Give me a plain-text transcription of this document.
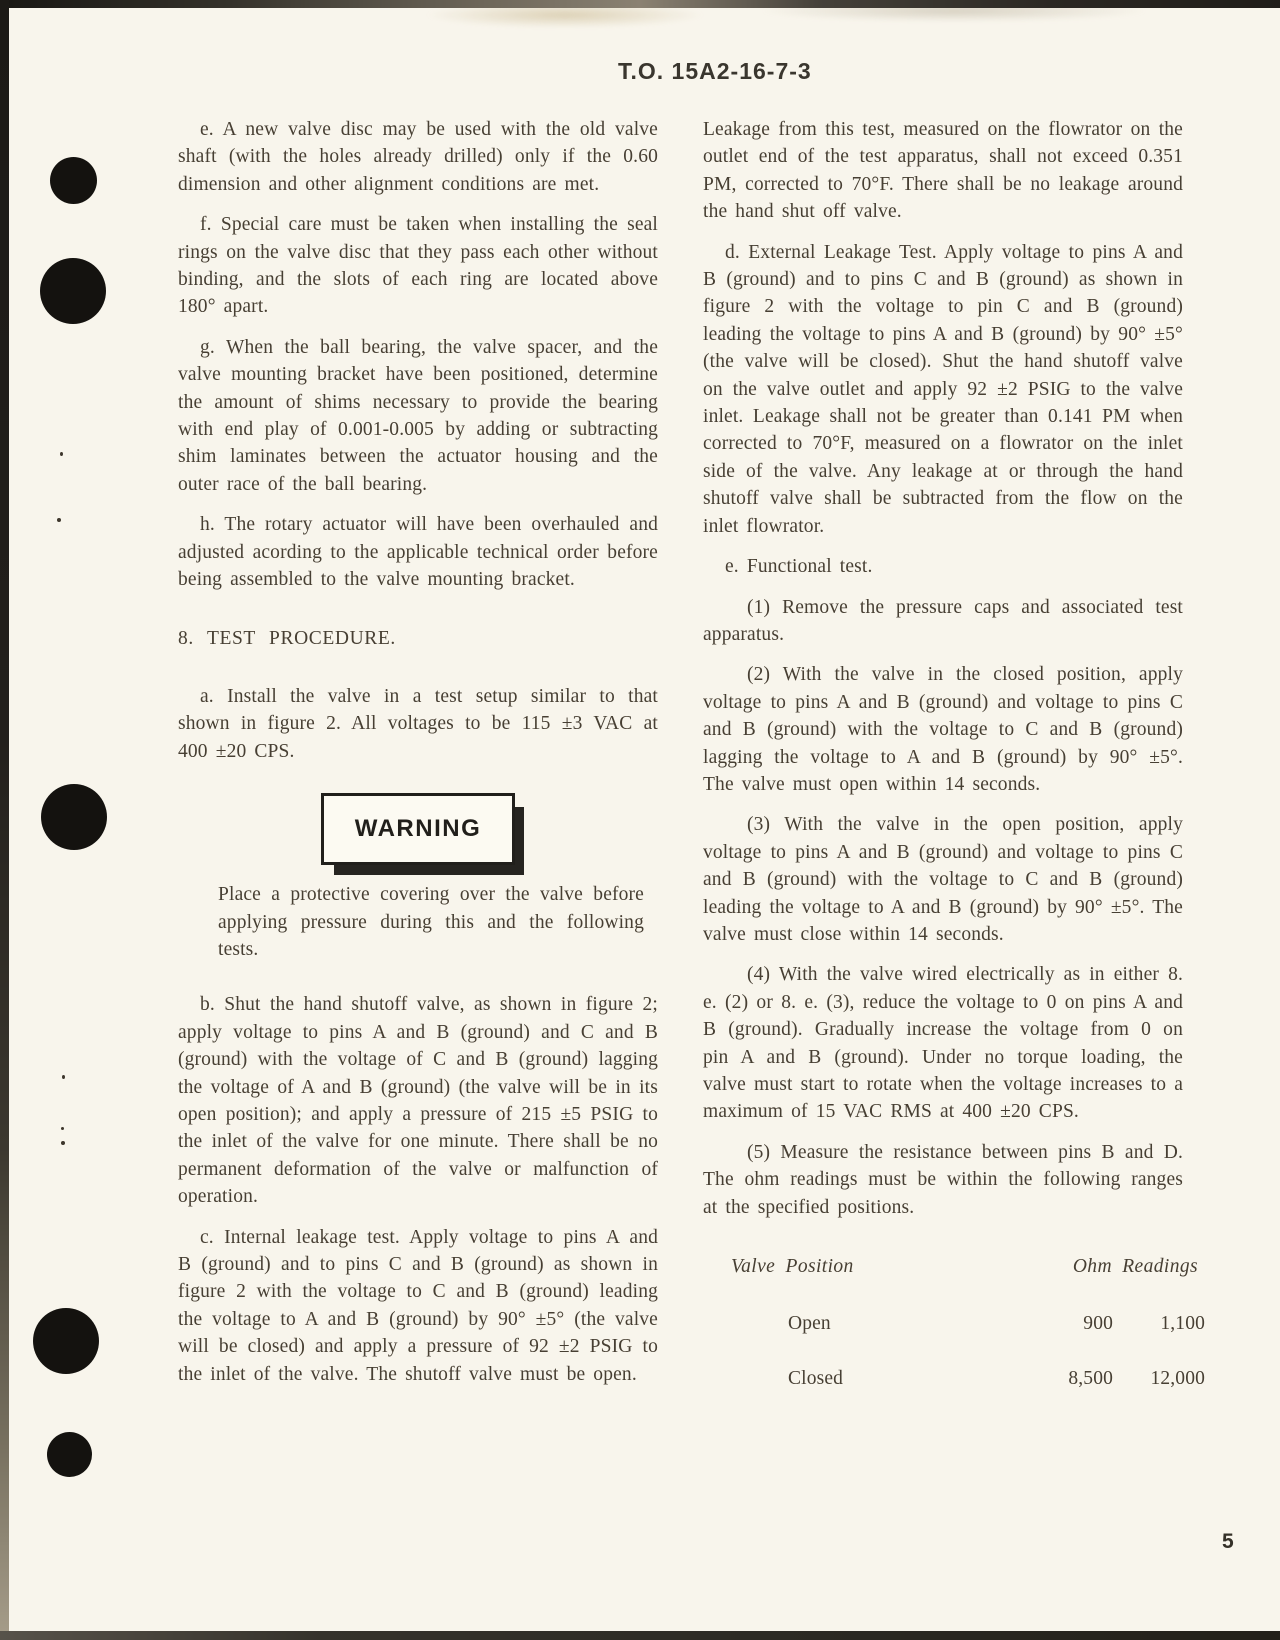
T.O. 15A2-16-7-3

e. A new valve disc may be used with the old valve shaft (with the holes already drilled) only if the 0.60 dimension and other alignment conditions are met.

f. Special care must be taken when installing the seal rings on the valve disc that they pass each other without binding, and the slots of each ring are located above 180° apart.

g. When the ball bearing, the valve spacer, and the valve mounting bracket have been positioned, determine the amount of shims necessary to provide the bearing with end play of 0.001-0.005 by adding or subtracting shim laminates between the actuator housing and the outer race of the ball bearing.

h. The rotary actuator will have been overhauled and adjusted acording to the applicable technical order before being assembled to the valve mounting bracket.

8. TEST PROCEDURE.

a. Install the valve in a test setup similar to that shown in figure 2. All voltages to be 115 ±3 VAC at 400 ±20 CPS.

WARNING

Place a protective covering over the valve before applying pressure during this and the following tests.

b. Shut the hand shutoff valve, as shown in figure 2; apply voltage to pins A and B (ground) and C and B (ground) with the voltage of C and B (ground) lagging the voltage of A and B (ground) (the valve will be in its open position); and apply a pressure of 215 ±5 PSIG to the inlet of the valve for one minute. There shall be no permanent deformation of the valve or malfunction of operation.

c. Internal leakage test. Apply voltage to pins A and B (ground) and to pins C and B (ground) as shown in figure 2 with the voltage to C and B (ground) leading the voltage to A and B (ground) by 90° ±5° (the valve will be closed) and apply a pressure of 92 ±2 PSIG to the inlet of the valve. The shutoff valve must be open.

Leakage from this test, measured on the flowrator on the outlet end of the test apparatus, shall not exceed 0.351 PM, corrected to 70°F. There shall be no leakage around the hand shut off valve.

d. External Leakage Test. Apply voltage to pins A and B (ground) and to pins C and B (ground) as shown in figure 2 with the voltage to pin C and B (ground) leading the voltage to pins A and B (ground) by 90° ±5° (the valve will be closed). Shut the hand shutoff valve on the valve outlet and apply 92 ±2 PSIG to the valve inlet. Leakage shall not be greater than 0.141 PM when corrected to 70°F, measured on a flowrator on the inlet side of the valve. Any leakage at or through the hand shutoff valve shall be subtracted from the flow on the inlet flowrator.

e. Functional test.

(1) Remove the pressure caps and associated test apparatus.

(2) With the valve in the closed position, apply voltage to pins A and B (ground) and voltage to pins C and B (ground) with the voltage to C and B (ground) lagging the voltage to A and B (ground) by 90° ±5°. The valve must open within 14 seconds.

(3) With the valve in the open position, apply voltage to pins A and B (ground) and voltage to pins C and B (ground) with the voltage to C and B (ground) leading the voltage to A and B (ground) by 90° ±5°. The valve must close within 14 seconds.

(4) With the valve wired electrically as in either 8. e. (2) or 8. e. (3), reduce the voltage to 0 on pins A and B (ground). Gradually increase the voltage from 0 on pin A and B (ground). Under no torque loading, the valve must start to rotate when the voltage increases to a maximum of 15 VAC RMS at 400 ±20 CPS.

(5) Measure the resistance between pins B and D. The ohm readings must be within the following ranges at the specified positions.

Valve Position	Ohm Readings
Open	900	1,100
Closed	8,500	12,000
5
